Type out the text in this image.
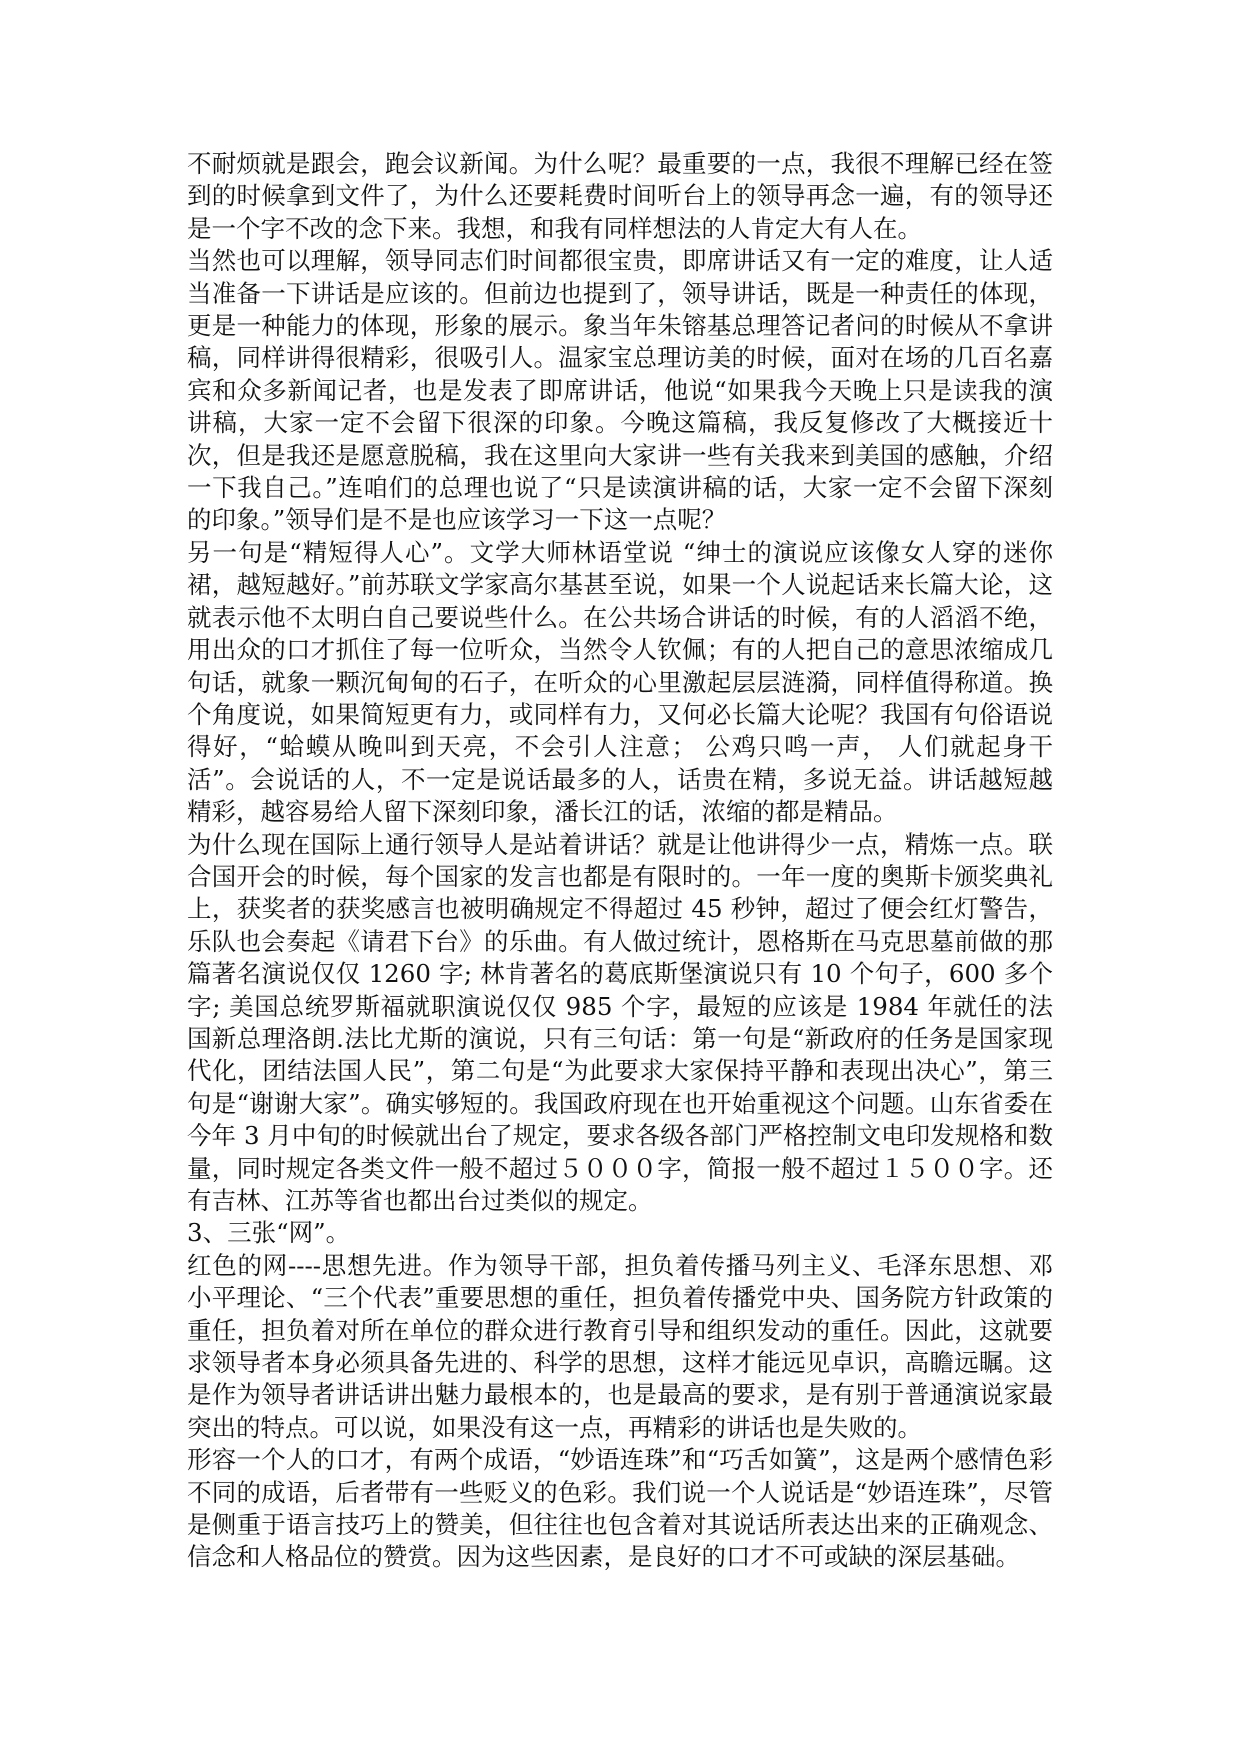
不耐烦就是跟会，跑会议新闻。为什么呢？最重要的一点，我很不理解已经在签到的时候拿到文件了，为什么还要耗费时间听台上的领导再念一遍，有的领导还是一个字不改的念下来。我想，和我有同样想法的人肯定大有人在。

当然也可以理解，领导同志们时间都很宝贵，即席讲话又有一定的难度，让人适当准备一下讲话是应该的。但前边也提到了，领导讲话，既是一种责任的体现，更是一种能力的体现，形象的展示。象当年朱镕基总理答记者问的时候从不拿讲稿，同样讲得很精彩，很吸引人。温家宝总理访美的时候，面对在场的几百名嘉宾和众多新闻记者，也是发表了即席讲话，他说“如果我今天晚上只是读我的演讲稿，大家一定不会留下很深的印象。今晚这篇稿，我反复修改了大概接近十次，但是我还是愿意脱稿，我在这里向大家讲一些有关我来到美国的感触，介绍一下我自己。”连咱们的总理也说了“只是读演讲稿的话，大家一定不会留下深刻的印象。”领导们是不是也应该学习一下这一点呢？

另一句是“精短得人心”。文学大师林语堂说 “绅士的演说应该像女人穿的迷你裙，越短越好。”前苏联文学家高尔基甚至说，如果一个人说起话来长篇大论，这就表示他不太明白自己要说些什么。在公共场合讲话的时候，有的人滔滔不绝，用出众的口才抓住了每一位听众，当然令人钦佩；有的人把自己的意思浓缩成几句话，就象一颗沉甸甸的石子，在听众的心里激起层层涟漪，同样值得称道。换个角度说，如果简短更有力，或同样有力，又何必长篇大论呢？我国有句俗语说得好，“蛤蟆从晚叫到天亮，不会引人注意； 公鸡只鸣一声， 人们就起身干活”。会说话的人，不一定是说话最多的人，话贵在精，多说无益。讲话越短越精彩，越容易给人留下深刻印象，潘长江的话，浓缩的都是精品。

为什么现在国际上通行领导人是站着讲话？就是让他讲得少一点，精炼一点。联合国开会的时候，每个国家的发言也都是有限时的。一年一度的奥斯卡颁奖典礼上，获奖者的获奖感言也被明确规定不得超过 45 秒钟，超过了便会红灯警告，乐队也会奏起《请君下台》的乐曲。有人做过统计，恩格斯在马克思墓前做的那篇著名演说仅仅 1260 字; 林肯著名的葛底斯堡演说只有 10 个句子，600 多个字; 美国总统罗斯福就职演说仅仅 985 个字，最短的应该是 1984 年就任的法国新总理洛朗.法比尤斯的演说，只有三句话：第一句是“新政府的任务是国家现代化，团结法国人民”，第二句是“为此要求大家保持平静和表现出决心”，第三句是“谢谢大家”。确实够短的。我国政府现在也开始重视这个问题。山东省委在今年 3 月中旬的时候就出台了规定，要求各级各部门严格控制文电印发规格和数量，同时规定各类文件一般不超过５０００字，简报一般不超过１５００字。还有吉林、江苏等省也都出台过类似的规定。

3、三张“网”。

红色的网----思想先进。作为领导干部，担负着传播马列主义、毛泽东思想、邓小平理论、“三个代表”重要思想的重任，担负着传播党中央、国务院方针政策的重任，担负着对所在单位的群众进行教育引导和组织发动的重任。因此，这就要求领导者本身必须具备先进的、科学的思想，这样才能远见卓识，高瞻远瞩。这是作为领导者讲话讲出魅力最根本的，也是最高的要求，是有别于普通演说家最突出的特点。可以说，如果没有这一点，再精彩的讲话也是失败的。

形容一个人的口才，有两个成语，“妙语连珠”和“巧舌如簧”，这是两个感情色彩不同的成语，后者带有一些贬义的色彩。我们说一个人说话是“妙语连珠”，尽管是侧重于语言技巧上的赞美，但往往也包含着对其说话所表达出来的正确观念、信念和人格品位的赞赏。因为这些因素，是良好的口才不可或缺的深层基础。
